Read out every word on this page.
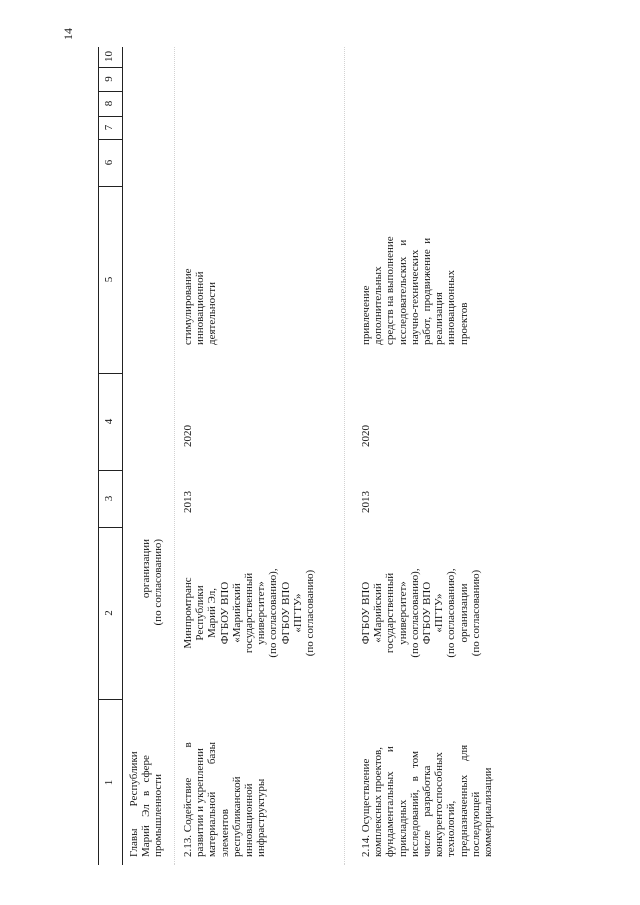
14
1
2
3
4
5
6
7
8
9
10

Главы        Республики
Марий   Эл   в   сфере
промышленности

организации
(по согласованию)

2.13. Содействие           в
развитии и укреплении
материальной          базы
элементов
республиканской
инновационной
инфраструктуры

Минпромтранс
Республики
Марий Эл,
ФГБОУ ВПО
«Марийский
государственный
университет»
(по согласованию),
ФГБОУ ВПО
«ПГТУ»
(по согласованию)

2013

2020

стимулирование
инновационной
деятельности

2.14. Осуществление
комплексных проектов,
фундаментальных       и
прикладных
исследований,   в   том
числе     разработка
конкурентоспособных
технологий,
предназначенных     для
последующей
коммерциализации

ФГБОУ ВПО
«Марийский
государственный
университет»
(по согласованию),
ФГБОУ ВПО
«ПГТУ»
(по согласованию),
организации
(по согласованию)

2013

2020

привлечение
дополнительных
средств на выполнение
исследовательских    и
научно-технических
работ,  продвижение  и
реализация
инновационных
проектов
